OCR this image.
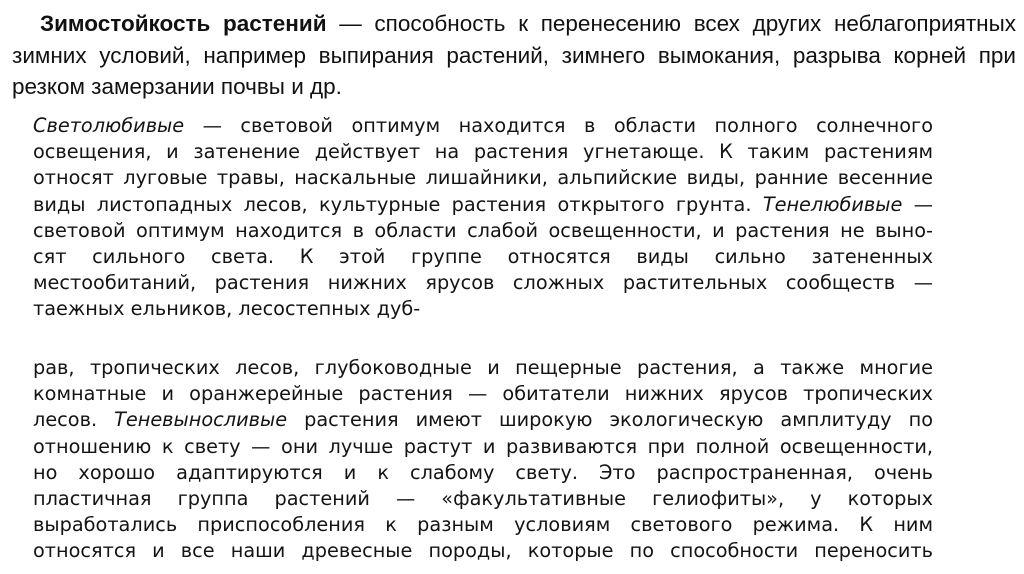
Зимостойкость растений — способность к перенесению всех других неблагоприятных зимних условий, например выпирания растений, зимнего вымокания, разрыва корней при резком замерзании почвы и др.

Светолюбивые — световой оптимум находится в области полного солнечного
освещения, и затенение действует на растения угнетающе. К таким растениям
относят луговые травы, наскальные лишайники, альпийские виды, ранние весенние
виды листопадных лесов, культурные растения открытого грунта. Тенелюбивые —
световой оптимум находится в области слабой освещенности, и растения не выно-
сят сильного света. К этой группе относятся виды сильно затененных
местообитаний, растения нижних ярусов сложных растительных сообществ —
таежных ельников, лесостепных дуб-
рав, тропических лесов, глубоководные и пещерные растения, а также многие
комнатные и оранжерейные растения — обитатели нижних ярусов тропических
лесов. Теневыносливые растения имеют широкую экологическую амплитуду по
отношению к свету — они лучше растут и развиваются при полной освещенности,
но хорошо адаптируются и к слабому свету. Это распространенная, очень
пластичная группа растений — «факультативные гелиофиты», у которых
выработались приспособления к разным условиям светового режима. К ним
относятся и все наши древесные породы, которые по способности переносить
